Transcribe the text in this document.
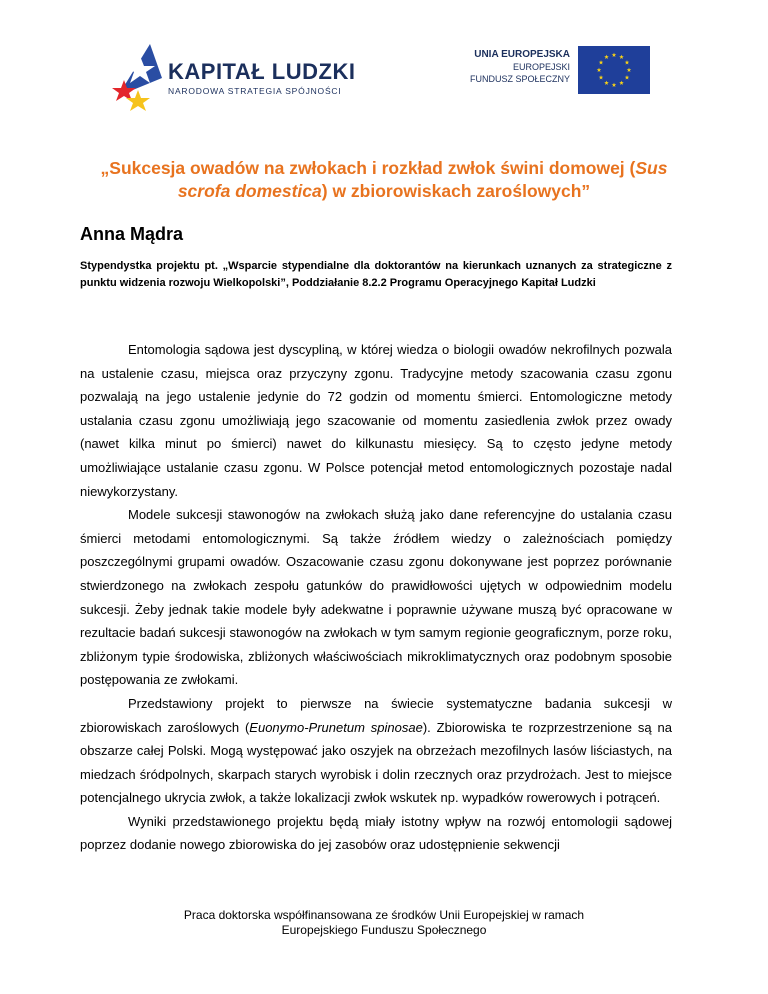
KAPITAŁ LUDZKI
NARODOWA STRATEGIA SPÓJNOŚCI
UNIA EUROPEJSKA
EUROPEJSKI
FUNDUSZ SPOŁECZNY
„Sukcesja owadów na zwłokach i rozkład zwłok świni domowej (Sus scrofa domestica) w zbiorowiskach zaroślowych”
Anna Mądra
Stypendystka projektu pt. „Wsparcie stypendialne dla doktorantów na kierunkach uznanych za strategiczne z punktu widzenia rozwoju Wielkopolski”, Poddziałanie 8.2.2 Programu Operacyjnego Kapitał Ludzki

Entomologia sądowa jest dyscypliną, w której wiedza o biologii owadów nekrofilnych pozwala na ustalenie czasu, miejsca oraz przyczyny zgonu. Tradycyjne metody szacowania czasu zgonu pozwalają na jego ustalenie jedynie do 72 godzin od momentu śmierci. Entomologiczne metody ustalania czasu zgonu umożliwiają jego szacowanie od momentu zasiedlenia zwłok przez owady (nawet kilka minut po śmierci) nawet do kilkunastu miesięcy. Są to często jedyne metody umożliwiające ustalanie czasu zgonu. W Polsce potencjał metod entomologicznych pozostaje nadal niewykorzystany.

Modele sukcesji stawonogów na zwłokach służą jako dane referencyjne do ustalania czasu śmierci metodami entomologicznymi. Są także źródłem wiedzy o zależnościach pomiędzy poszczególnymi grupami owadów. Oszacowanie czasu zgonu dokonywane jest poprzez porównanie stwierdzonego na zwłokach zespołu gatunków do prawidłowości ujętych w odpowiednim modelu sukcesji. Żeby jednak takie modele były adekwatne i poprawnie używane muszą być opracowane w rezultacie badań sukcesji stawonogów na zwłokach w tym samym regionie geograficznym, porze roku, zbliżonym typie środowiska, zbliżonych właściwościach mikroklimatycznych oraz podobnym sposobie postępowania ze zwłokami.

Przedstawiony projekt to pierwsze na świecie systematyczne badania sukcesji w zbiorowiskach zaroślowych (Euonymo-Prunetum spinosae). Zbiorowiska te rozprzestrzenione są na obszarze całej Polski. Mogą występować jako oszyjek na obrzeżach mezofilnych lasów liściastych, na miedzach śródpolnych, skarpach starych wyrobisk i dolin rzecznych oraz przydrożach. Jest to miejsce potencjalnego ukrycia zwłok, a także lokalizacji zwłok wskutek np. wypadków rowerowych i potrąceń.

Wyniki przedstawionego projektu będą miały istotny wpływ na rozwój entomologii sądowej poprzez dodanie nowego zbiorowiska do jej zasobów oraz udostępnienie sekwencji

Praca doktorska współfinansowana ze środków Unii Europejskiej w ramach
Europejskiego Funduszu Społecznego
